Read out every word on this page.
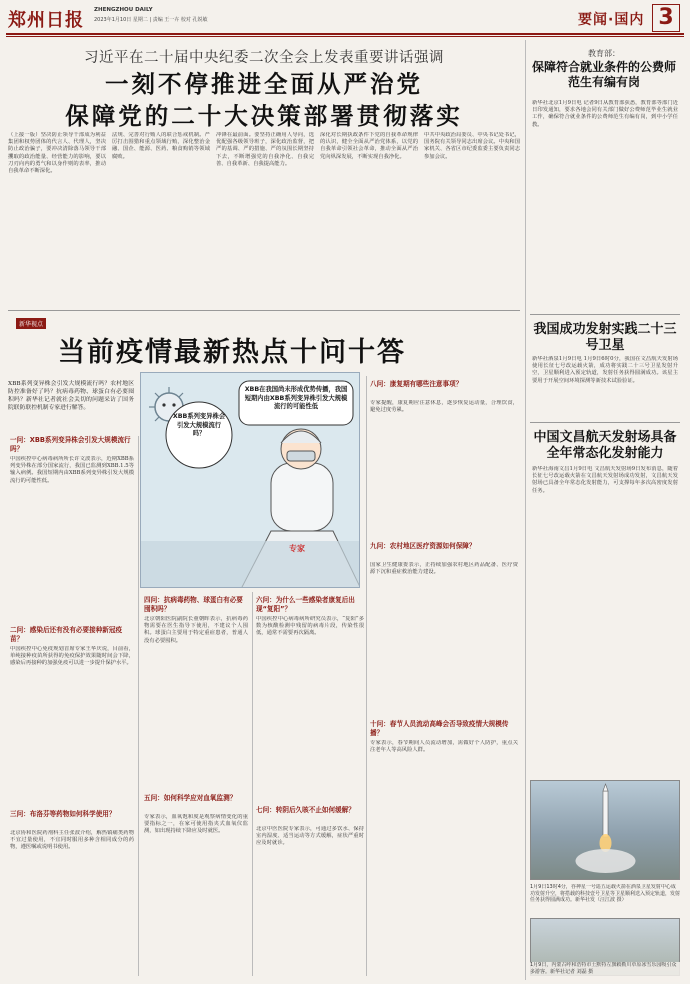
郑州日报 ZHENGZHOU DAILY
2023年1月10日 星期二 | 责编 王一卉 校对 孔锐敏	要闻·国内 3
习近平在二十届中央纪委二次全会上发表重要讲话强调
一刻不停推进全面从严治党
保障党的二十大决策部署贯彻落实
（上接一版）坚决防止领导干部成为利益集团和权势团体的代言人、代理人，坚决防止政治骗子，要冲决清除落马领导干部攫取的政治能量、经营能力的影响，要以刀刃向内的勇气和以身作则的表率，推动自我革命不断深化。
法规、完善对行贿人的联合惩戒机制。严厉打击围猎和重点领域行贿，深化整治金融、国企、能源、医药、粮食购销等领域腐败。
冲锋在最前面。要坚持正确用人导向，选优配强各级领导班子，深化政治监督，把严的基调、严的措施、严的氛围长期坚持下去，不断增强党的自我净化、自我完善、自我革新、自我提高能力。
深化对长期执政条件下党的自我革命规律的认识，健全全面从严治党体系，以党的自我革命引领社会革命，推动全面从严治党向纵深发展，不断实现自我净化。
中共中央政治局委员、中央书记处书记，国务院有关领导同志出席会议。中央和国家机关、各省区市纪委监委主要负责同志参加会议。
新华视点
当前疫情最新热点十问十答
XBB系列变异株会引发大规模流行吗？农村地区防控准备好了吗？抗病毒药物、球蛋白有必要囤积吗？新华社记者就社会关切的问题采访了国务院联防联控机制专家进行解答。
XBB系列变异株会引发大规模流行吗？
XBB在我国尚未形成优势传播，我国短期内由XBB系列变异株引发大规模流行的可能性低
专家
一问：XBB系列变异株会引发大规模流行吗？
中国疾控中心病毒病所所长许文波表示，近期XBB系列变异株在部分国家流行，我国已监测到XBB.1.5等输入病例。我国短期内由XBB系列变异株引发大规模流行的可能性低。
二问：感染后还有没有必要接种新冠疫苗？
中国疾控中心免疫规划首席专家王华庆说，目前看，单纯接种疫苗所获得的免疫保护效果随时间会下降，感染后再接种的加强免疫可以进一步提升保护水平。
三问：布洛芬等药物如何科学使用？
北京协和医院药剂科主任张波介绍，解热镇痛类药物不宜过量使用，不宜同时服用多种含相同成分的药物，遵医嘱或说明书使用。
四问：抗病毒药物、球蛋白有必要囤积吗？
北京朝阳医院副院长童朝晖表示，抗病毒药物需要在医生指导下使用，不建议个人囤积。球蛋白主要用于特定重症患者，普通人没有必要囤积。
五问：如何科学应对血氧监测？
专家表示，血氧饱和度是观察病情变化的重要指标之一，在家可使用指夹式血氧仪监测，如出现持续下降应及时就医。
六问：为什么一些感染者康复后出现“复阳”？
中国疾控中心病毒病所研究员表示，“复阳”多数为核酸检测中残留的病毒片段，传染性很低，通常不需要再次隔离。
七问：转阴后久咳不止如何缓解？
北京中医医院专家表示，可通过多饮水、保持室内湿度、适当运动等方式缓解，症状严重时应及时就诊。
八问：康复期有哪些注意事项？
专家提醒，康复期应注意休息，逐步恢复运动量，合理饮食，避免过度劳累。
九问：农村地区医疗资源如何保障？
国家卫生健康委表示，正持续加强农村地区药品配备、医疗资源下沉和重症救治能力建设。
十问：春节人员流动高峰会否导致疫情大规模传播？
专家表示，春节期间人员流动增加，需做好个人防护，重点关注老年人等高风险人群。
教育部：
保障符合就业条件的公费师范生有编有岗
新华社北京1月9日电 记者9日从教育部获悉，教育部等部门近日印发通知，要求各地会同有关部门做好公费师范毕业生就业工作，确保符合就业条件的公费师范生有编有岗，到中小学任教。
我国成功发射实践二十三号卫星
新华社酒泉1月9日电 1月9日6时0分，我国在文昌航天发射场使用长征七号改运载火箭，成功将实践二十三号卫星发射升空，卫星顺利进入预定轨道，发射任务获得圆满成功。该星主要用于开展空间环境探测等新技术试验验证。
中国文昌航天发射场具备全年常态化发射能力
新华社海南文昌1月9日电 文昌航天发射场9日发布消息，随着长征七号改运载火箭在文昌航天发射场成功发射，文昌航天发射场已具备全年常态化发射能力，可支撑每年多次高密度发射任务。
1月9日13时4分，谷神星一号遥五运载火箭在酒泉卫星发射中心成功发射升空，将搭载的科技壹号卫星等卫星顺利送入预定轨道，发射任务获得圆满成功。新华社发（汪江波 摄）
1月9日，内蒙古呼和浩特市土默特左旗敕勒川草原冰雪乐园吸引众多游客。新华社记者 刘磊 摄
